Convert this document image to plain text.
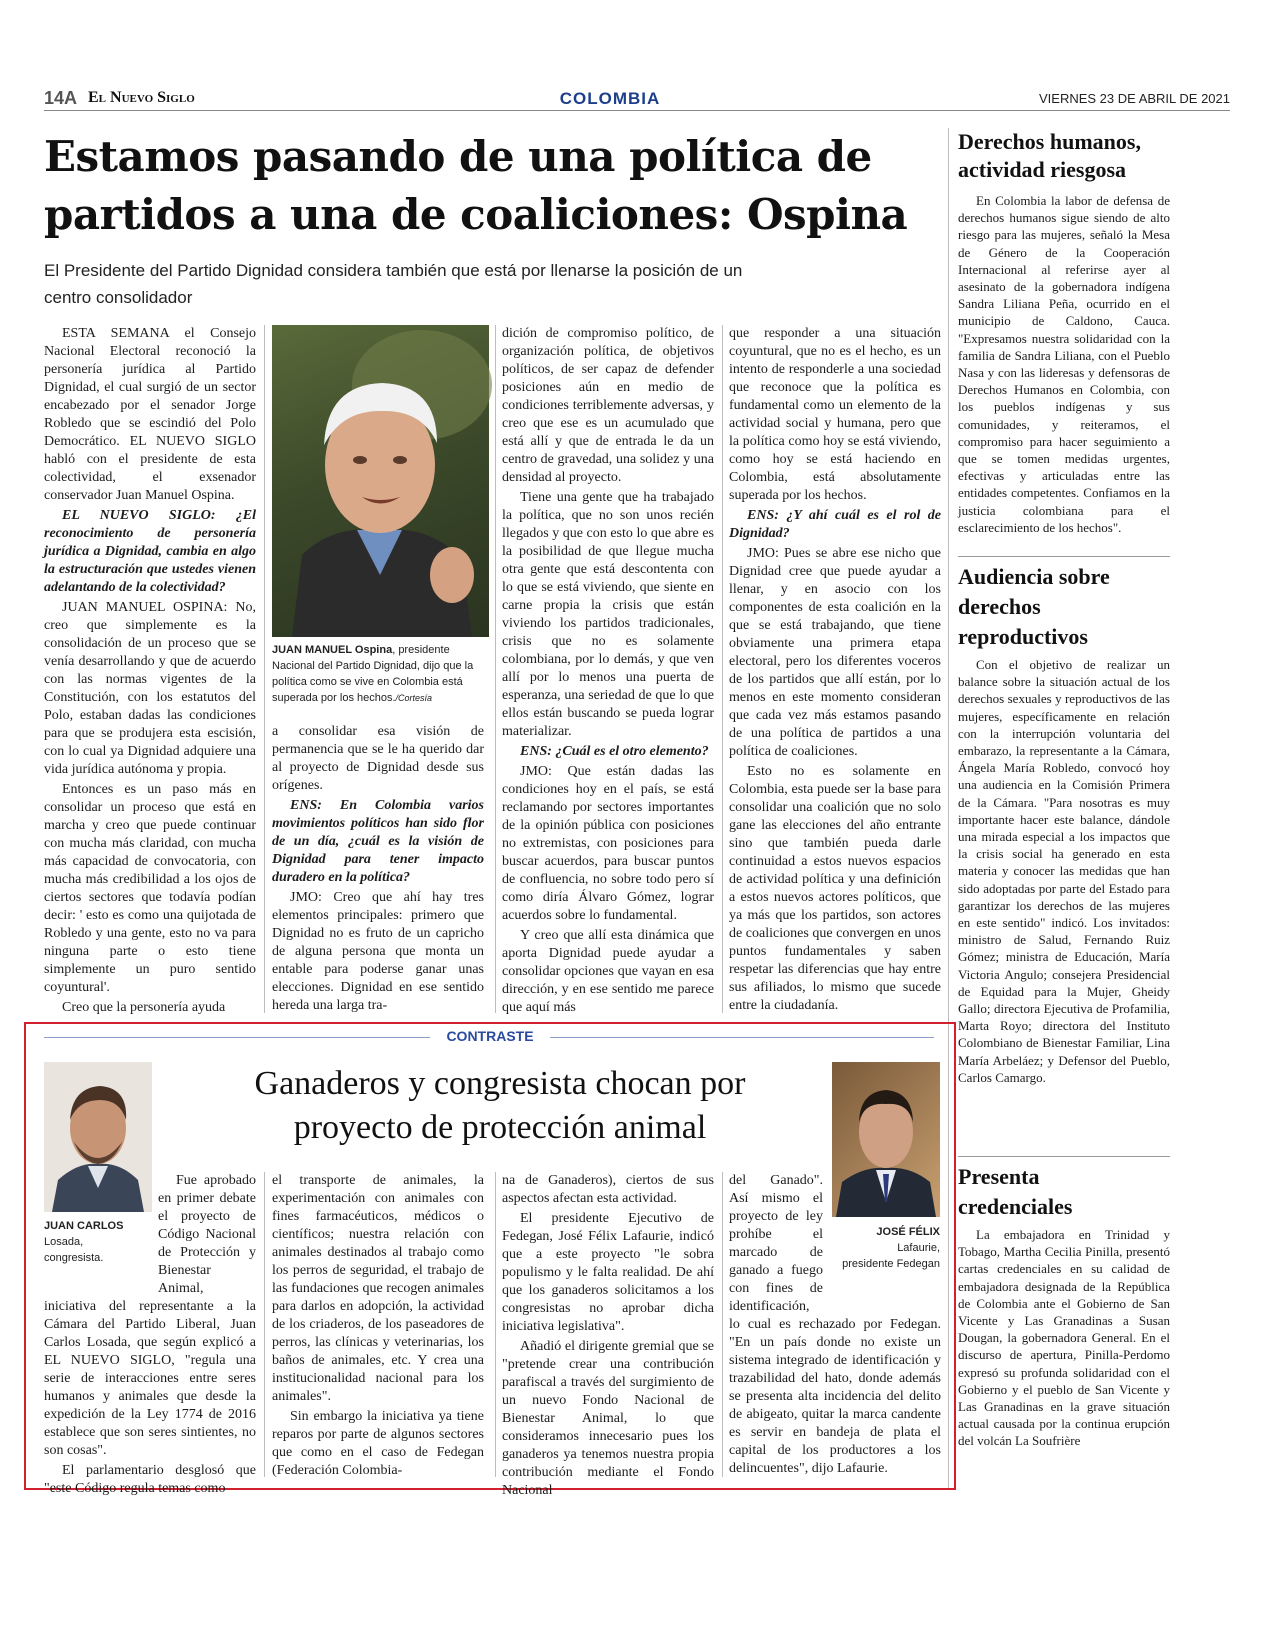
14A El Nuevo Siglo	COLOMBIA	VIERNES 23 DE ABRIL DE 2021
Estamos pasando de una política de
partidos a una de coaliciones: Ospina
El Presidente del Partido Dignidad considera también que está por llenarse la posición de un
centro consolidador

ESTA SEMANA el Consejo Nacional Electoral reconoció la personería jurídica al Partido Dignidad, el cual surgió de un sector encabezado por el senador Jorge Robledo que se escindió del Polo Democrático. EL NUEVO SIGLO habló con el presidente de esta colectividad, el exsenador conservador Juan Manuel Ospina.

EL NUEVO SIGLO: ¿El reconocimiento de personería jurídica a Dignidad, cambia en algo la estructuración que ustedes vienen adelantando de la colectividad?

JUAN MANUEL OSPINA: No, creo que simplemente es la consolidación de un proceso que se venía desarrollando y que de acuerdo con las normas vigentes de la Constitución, con los estatutos del Polo, estaban dadas las condiciones para que se produjera esta escisión, con lo cual ya Dignidad adquiere una vida jurídica autónoma y propia.

Entonces es un paso más en consolidar un proceso que está en marcha y creo que puede continuar con mucha más claridad, con mucha más capacidad de convocatoria, con mucha más credibilidad a los ojos de ciertos sectores que todavía podían decir: ' esto es como una quijotada de Robledo y una gente, esto no va para ninguna parte o esto tiene simplemente un puro sentido coyuntural'.

Creo que la personería ayuda

JUAN MANUEL Ospina, presidente Nacional del Partido Dignidad, dijo que la política como se vive en Colombia está superada por los hechos./Cortesía

a consolidar esa visión de permanencia que se le ha querido dar al proyecto de Dignidad desde sus orígenes.

ENS: En Colombia varios movimientos políticos han sido flor de un día, ¿cuál es la visión de Dignidad para tener impacto duradero en la política?

JMO: Creo que ahí hay tres elementos principales: primero que Dignidad no es fruto de un capricho de alguna persona que monta un entable para poderse ganar unas elecciones. Dignidad en ese sentido hereda una larga tra-

dición de compromiso político, de organización política, de objetivos políticos, de ser capaz de defender posiciones aún en medio de condiciones terriblemente adversas, y creo que ese es un acumulado que está allí y que de entrada le da un centro de gravedad, una solidez y una densidad al proyecto.

Tiene una gente que ha trabajado la política, que no son unos recién llegados y que con esto lo que abre es la posibilidad de que llegue mucha otra gente que está descontenta con lo que se está viviendo, que siente en carne propia la crisis que están viviendo los partidos tradicionales, crisis que no es solamente colombiana, por lo demás, y que ven allí por lo menos una puerta de esperanza, una seriedad de que lo que ellos están buscando se pueda lograr materializar.

ENS: ¿Cuál es el otro elemento?

JMO: Que están dadas las condiciones hoy en el país, se está reclamando por sectores importantes de la opinión pública con posiciones no extremistas, con posiciones para buscar acuerdos, para buscar puntos de confluencia, no sobre todo pero sí como diría Álvaro Gómez, lograr acuerdos sobre lo fundamental.

Y creo que allí esta dinámica que aporta Dignidad puede ayudar a consolidar opciones que vayan en esa dirección, y en ese sentido me parece que aquí más

que responder a una situación coyuntural, que no es el hecho, es un intento de responderle a una sociedad que reconoce que la política es fundamental como un elemento de la actividad social y humana, pero que la política como hoy se está viviendo, como hoy se está haciendo en Colombia, está absolutamente superada por los hechos.

ENS: ¿Y ahí cuál es el rol de Dignidad?

JMO: Pues se abre ese nicho que Dignidad cree que puede ayudar a llenar, y en asocio con los componentes de esta coalición en la que se está trabajando, que tiene obviamente una primera etapa electoral, pero los diferentes voceros de los partidos que allí están, por lo menos en este momento consideran que cada vez más estamos pasando de una política de partidos a una política de coaliciones.

Esto no es solamente en Colombia, esta puede ser la base para consolidar una coalición que no solo gane las elecciones del año entrante sino que también pueda darle continuidad a estos nuevos espacios de actividad política y una definición a estos nuevos actores políticos, que ya más que los partidos, son actores de coaliciones que convergen en unos puntos fundamentales y saben respetar las diferencias que hay entre sus afiliados, lo mismo que sucede entre la ciudadanía.

CONTRASTE
JUAN CARLOS
Losada,
congresista.
JOSÉ FÉLIX
Lafaurie,
presidente Fedegan
Ganaderos y congresista chocan por
proyecto de protección animal

Fue aprobado en primer debate el proyecto de Código Nacional de Protección y Bienestar Animal,

iniciativa del representante a la Cámara del Partido Liberal, Juan Carlos Losada, que según explicó a EL NUEVO SIGLO, "regula una serie de interacciones entre seres humanos y animales que desde la expedición de la Ley 1774 de 2016 establece que son seres sintientes, no son cosas".

El parlamentario desglosó que "este Código regula temas como

el transporte de animales, la experimentación con animales con fines farmacéuticos, médicos o científicos; nuestra relación con animales destinados al trabajo como los perros de seguridad, el trabajo de las fundaciones que recogen animales para darlos en adopción, la actividad de los criaderos, de los paseadores de perros, las clínicas y veterinarias, los baños de animales, etc. Y crea una institucionalidad nacional para los animales".

Sin embargo la iniciativa ya tiene reparos por parte de algunos sectores que como en el caso de Fedegan (Federación Colombia-

na de Ganaderos), ciertos de sus aspectos afectan esta actividad.

El presidente Ejecutivo de Fedegan, José Félix Lafaurie, indicó que a este proyecto "le sobra populismo y le falta realidad. De ahí que los ganaderos solicitamos a los congresistas no aprobar dicha iniciativa legislativa".

Añadió el dirigente gremial que se "pretende crear una contribución parafiscal a través del surgimiento de un nuevo Fondo Nacional de Bienestar Animal, lo que consideramos innecesario pues los ganaderos ya tenemos nuestra propia contribución mediante el Fondo Nacional

del Ganado". Así mismo el proyecto de ley prohíbe el marcado de ganado a fuego con fines de identificación,

lo cual es rechazado por Fedegan. "En un país donde no existe un sistema integrado de identificación y trazabilidad del hato, donde además se presenta alta incidencia del delito de abigeato, quitar la marca candente es servir en bandeja de plata el capital de los productores a los delincuentes", dijo Lafaurie.

Derechos humanos, actividad riesgosa

En Colombia la labor de defensa de derechos humanos sigue siendo de alto riesgo para las mujeres, señaló la Mesa de Género de la Cooperación Internacional al referirse ayer al asesinato de la gobernadora indígena Sandra Liliana Peña, ocurrido en el municipio de Caldono, Cauca. "Expresamos nuestra solidaridad con la familia de Sandra Liliana, con el Pueblo Nasa y con las lideresas y defensoras de Derechos Humanos en Colombia, con los pueblos indígenas y sus comunidades, y reiteramos, el compromiso para hacer seguimiento a que se tomen medidas urgentes, efectivas y articuladas entre las entidades competentes. Confiamos en la justicia colombiana para el esclarecimiento de los hechos".

Audiencia sobre derechos reproductivos

Con el objetivo de realizar un balance sobre la situación actual de los derechos sexuales y reproductivos de las mujeres, específicamente en relación con la interrupción voluntaria del embarazo, la representante a la Cámara, Ángela María Robledo, convocó hoy una audiencia en la Comisión Primera de la Cámara. "Para nosotras es muy importante hacer este balance, dándole una mirada especial a los impactos que la crisis social ha generado en esta materia y conocer las medidas que han sido adoptadas por parte del Estado para garantizar los derechos de las mujeres en este sentido" indicó. Los invitados: ministro de Salud, Fernando Ruiz Gómez; ministra de Educación, María Victoria Angulo; consejera Presidencial de Equidad para la Mujer, Gheidy Gallo; directora Ejecutiva de Profamilia, Marta Royo; directora del Instituto Colombiano de Bienestar Familiar, Lina María Arbeláez; y Defensor del Pueblo, Carlos Camargo.

Presenta credenciales

La embajadora en Trinidad y Tobago, Martha Cecilia Pinilla, presentó cartas credenciales en su calidad de embajadora designada de la República de Colombia ante el Gobierno de San Vicente y Las Granadinas a Susan Dougan, la gobernadora General. En el discurso de apertura, Pinilla-Perdomo expresó su profunda solidaridad con el Gobierno y el pueblo de San Vicente y Las Granadinas en la grave situación actual causada por la continua erupción del volcán La Soufrière
